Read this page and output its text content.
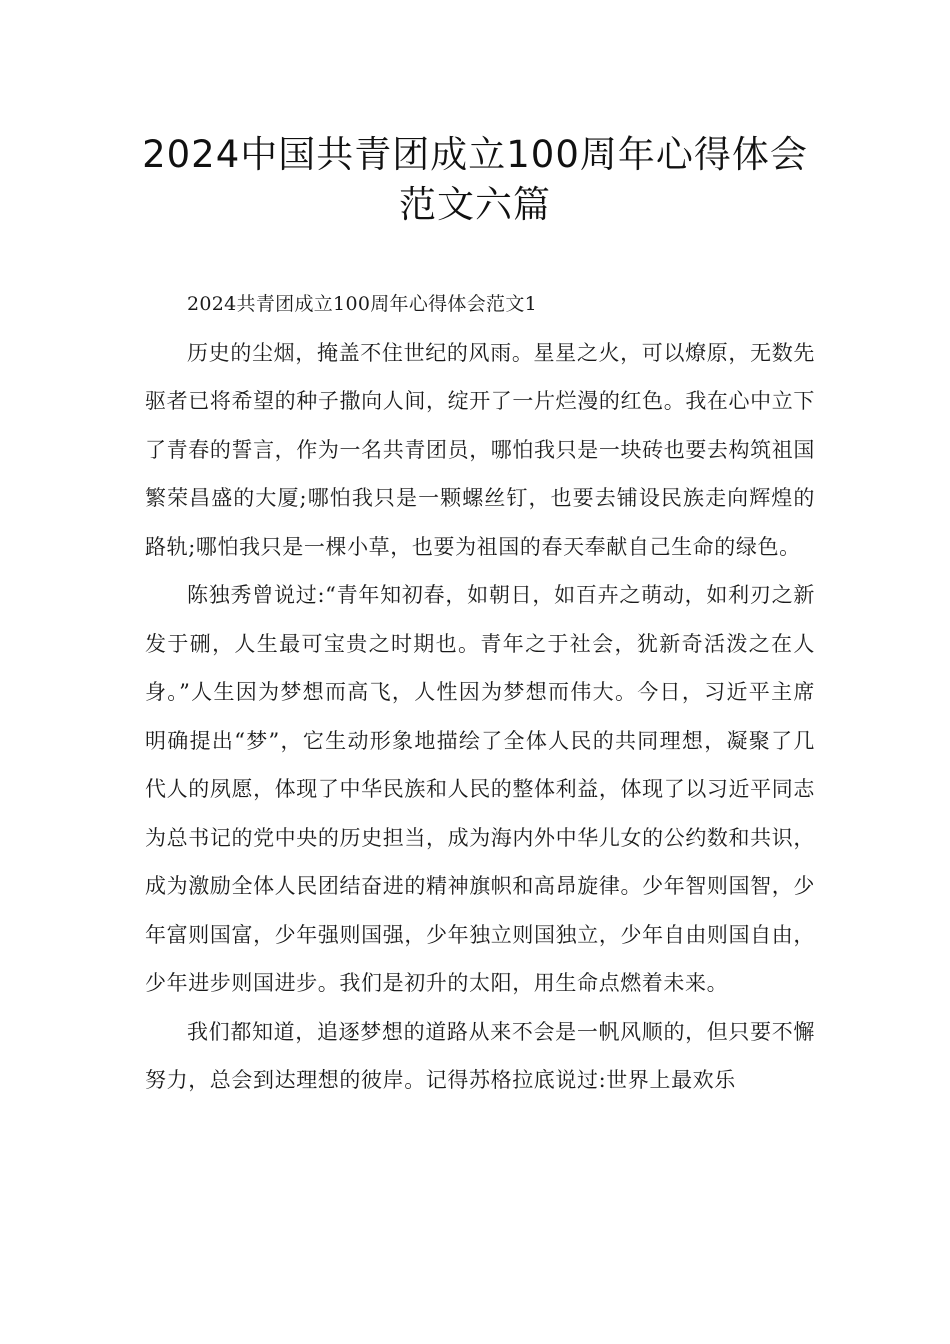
2024中国共青团成立100周年心得体会
范文六篇

2024共青团成立100周年心得体会范文1

历史的尘烟，掩盖不住世纪的风雨。星星之火，可以燎原，无数先驱者已将希望的种子撒向人间，绽开了一片烂漫的红色。我在心中立下了青春的誓言，作为一名共青团员，哪怕我只是一块砖也要去构筑祖国繁荣昌盛的大厦;哪怕我只是一颗螺丝钉，也要去铺设民族走向辉煌的路轨;哪怕我只是一棵小草，也要为祖国的春天奉献自己生命的绿色。

陈独秀曾说过:“青年知初春，如朝日，如百卉之萌动，如利刃之新发于硎，人生最可宝贵之时期也。青年之于社会，犹新奇活泼之在人身。”人生因为梦想而高飞，人性因为梦想而伟大。今日，习近平主席明确提出“梦”，它生动形象地描绘了全体人民的共同理想，凝聚了几代人的夙愿，体现了中华民族和人民的整体利益，体现了以习近平同志为总书记的党中央的历史担当，成为海内外中华儿女的公约数和共识，成为激励全体人民团结奋进的精神旗帜和高昂旋律。少年智则国智，少年富则国富，少年强则国强，少年独立则国独立，少年自由则国自由，少年进步则国进步。我们是初升的太阳，用生命点燃着未来。

我们都知道，追逐梦想的道路从来不会是一帆风顺的，但只要不懈努力，总会到达理想的彼岸。记得苏格拉底说过:世界上最欢乐
